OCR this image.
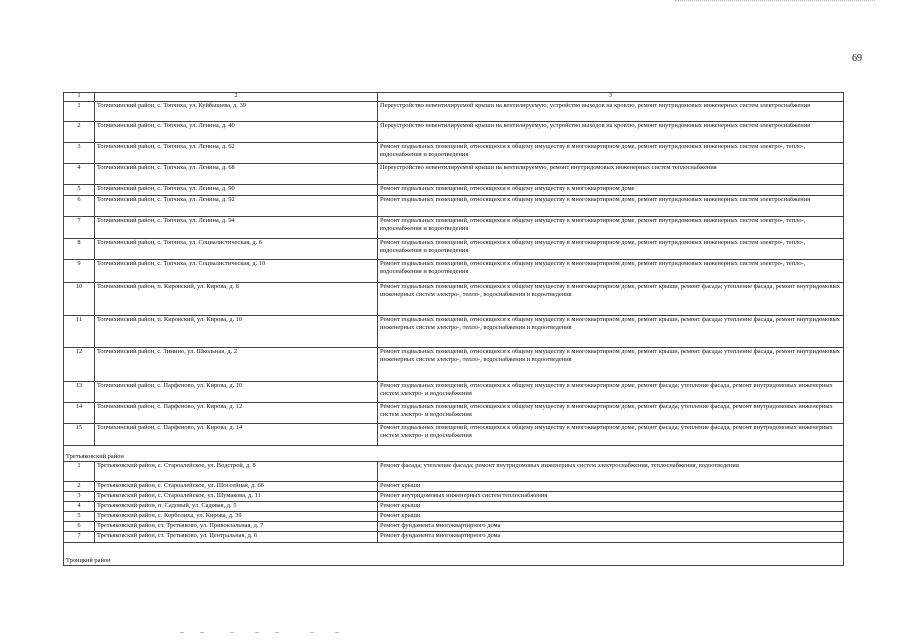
69
1	2	3
1	Топчихинский район, с. Топчиха, ул. Куйбышева, д. 39	Переустройство невентилируемой крыши на вентилируемую, устройство выходов на кровлю, ремонт внутридомовых инженерных систем электроснабжения
2	Топчихинский район, с. Топчиха, ул. Ленина, д. 40	Переустройство невентилируемой крыши на вентилируемую, устройство выходов на кровлю, ремонт внутридомовых инженерных систем электроснабжения
3	Топчихинский район, с. Топчиха, ул. Ленина, д. 62	Ремонт подвальных помещений, относящихся к общему имуществу в многоквартирном доме, ремонт внутридомовых инженерных систем электро-, тепло-, водоснабжения и водоотведения
4	Топчихинский район, с. Топчиха, ул. Ленина, д. 68	Переустройство невентилируемой крыши на вентилируемую, ремонт внутридомовых инженерных систем теплоснабжения
5	Топчихинский район, с. Топчиха, ул. Ленина, д. 90	Ремонт подвальных помещений, относящихся к общему имуществу в многоквартирном доме
6	Топчихинский район, с. Топчиха, ул. Ленина, д. 92	Ремонт подвальных помещений, относящихся к общему имуществу в многоквартирном доме, ремонт внутридомовых инженерных систем электроснабжения
7	Топчихинский район, с. Топчиха, ул. Ленина, д. 94	Ремонт подвальных помещений, относящихся к общему имуществу в многоквартирном доме, ремонт внутридомовых инженерных систем электро-, тепло-, водоснабжения и водоотведения
8	Топчихинский район, с. Топчиха, ул. Социалистическая, д. 6	Ремонт подвальных помещений, относящихся к общему имуществу в многоквартирном доме, ремонт внутридомовых инженерных систем электро-, тепло-, водоснабжения и водоотведения
9	Топчихинский район, с. Топчиха, ул. Социалистическая, д. 10	Ремонт подвальных помещений, относящихся к общему имуществу в многоквартирном доме, ремонт внутридомовых инженерных систем электро-, тепло-, водоснабжения и водоотведения
10	Топчихинский район, п. Кировский, ул. Кирова, д. 8	Ремонт подвальных помещений, относящихся к общему имуществу в многоквартирном доме, ремонт крыши, ремонт фасада; утепление фасада, ремонт внутридомовых инженерных систем электро-, тепло-, водоснабжения и водоотведения
11	Топчихинский район, п. Кировский, ул. Кирова, д. 10	Ремонт подвальных помещений, относящихся к общему имуществу в многоквартирном доме, ремонт крыши, ремонт фасада; утепление фасада, ремонт внутридомовых инженерных систем электро-, тепло-, водоснабжения и водоотведения
12	Топчихинский район, с. Зимино, ул. Школьная, д. 2	Ремонт подвальных помещений, относящихся к общему имуществу в многоквартирном доме, ремонт крыши, ремонт фасада; утепление фасада, ремонт внутридомовых инженерных систем электро-, тепло-, водоснабжения и водоотведения
13	Топчихинский район, с. Парфеново, ул. Кирова, д. 10	Ремонт подвальных помещений, относящихся к общему имуществу в многоквартирном доме, ремонт фасада; утепление фасада, ремонт внутридомовых инженерных систем электро- и водоснабжения
14	Топчихинский район, с. Парфеново, ул. Кирова, д. 12	Ремонт подвальных помещений, относящихся к общему имуществу в многоквартирном доме, ремонт фасада; утепление фасада, ремонт внутридомовых инженерных систем электро- и водоснабжения
15	Топчихинский район, с. Парфеново, ул. Кирова, д. 14	Ремонт подвальных помещений, относящихся к общему имуществу в многоквартирном доме, ремонт фасада; утепление фасада, ремонт внутридомовых инженерных систем электро- и водоснабжения
Третьяковский район		
1	Третьяковский район, с. Староалейское, ул. Водстрой, д. 8	Ремонт фасада; утепление фасада; ремонт внутридомовых инженерных систем электроснабжения, теплоснабжения, водоотведения
2	Третьяковский район, с. Староалейское, ул. Шоссейная, д. 66	Ремонт крыши
3	Третьяковский район, с. Староалейское, ул. Шумакова, д. 11	Ремонт внутридомовых инженерных систем теплоснабжения
4	Третьяковский район, п. Садовый, ул. Садовая, д. 5	Ремонт крыши
5	Третьяковский район, с. Корболиха, ул. Кирова, д. 39	Ремонт крыши
6	Третьяковский район, ст. Третьяково, ул. Привокзальная, д. 7	Ремонт фундамента многоквартирного дома
7	Третьяковский район, ст. Третьяково, ул. Центральная, д. 6	Ремонт фундамента многоквартирного дома
Троицкий район		
